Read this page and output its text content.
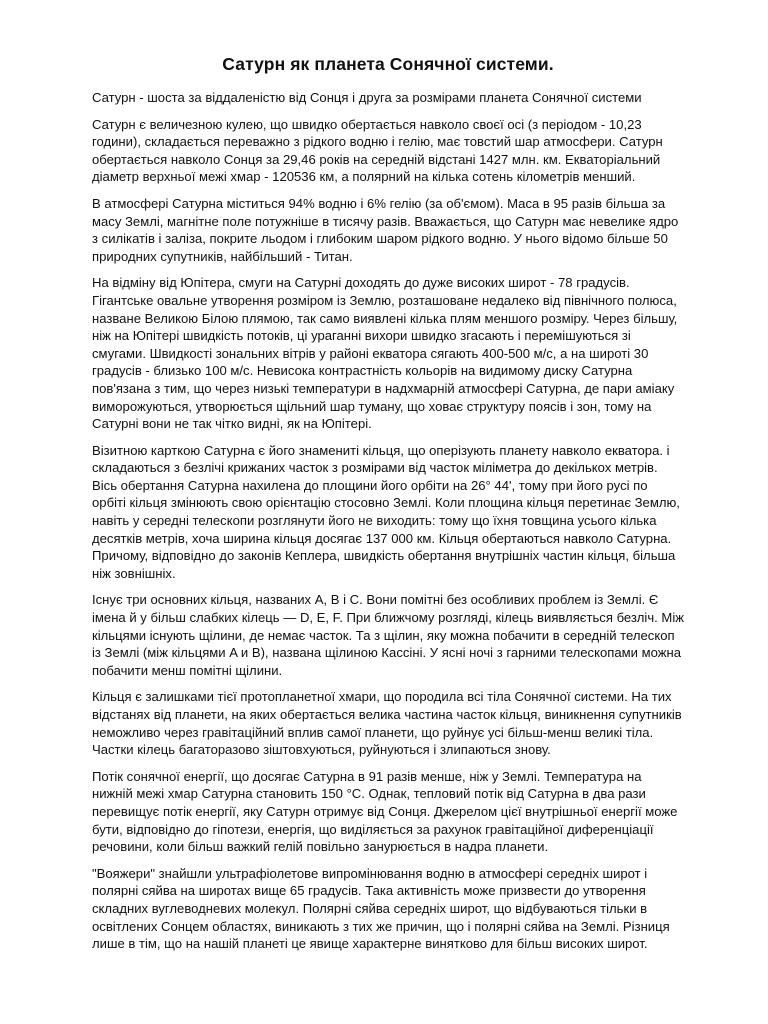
Сатурн як планета Сонячної системи.

Сатурн - шоста за віддаленістю від Сонця і друга за розмірами планета Сонячної системи

Сатурн є величезною кулею, що швидко обертається навколо своєї осі (з періодом - 10,23 години), складається переважно з рідкого водню і гелію, має товстий шар атмосфери. Сатурн обертається навколо Сонця за 29,46 років на середній відстані 1427 млн. км. Екваторіальний діаметр верхньої межі хмар - 120536 км, а полярний на кілька сотень кілометрів менший.

В атмосфері Сатурна міститься 94% водню і 6% гелію (за об'ємом). Маса в 95 разів більша за масу Землі, магнітне поле потужніше в тисячу разів. Вважається, що Сатурн має невелике ядро з силікатів і заліза, покрите льодом і глибоким шаром рідкого водню. У нього відомо більше 50 природних супутників, найбільший - Титан.

На відміну від Юпітера, смуги на Сатурні доходять до дуже високих широт - 78 градусів. Гігантське овальне утворення розміром із Землю, розташоване недалеко від північного полюса, назване Великою Білою плямою, так само виявлені кілька плям меншого розміру. Через більшу, ніж на Юпітері швидкість потоків, ці ураганні вихори швидко згасають і перемішуються зі смугами. Швидкості зональних вітрів у районі екватора сягають 400-500 м/с, а на широті 30 градусів - близько 100 м/с. Невисока контрастність кольорів на видимому диску Сатурна пов'язана з тим, що через низькі температури в надхмарній атмосфері Сатурна, де пари аміаку виморожуються, утворюється щільний шар туману, що ховає структуру поясів і зон, тому на Сатурні вони не так чітко видні, як на Юпітері.

Візитною карткою Сатурна є його знамениті кільця, що оперізують планету навколо екватора. і складаються з безлічі крижаних часток з розмірами від часток міліметра до декількох метрів. Вісь обертання Сатурна нахилена до площини його орбіти на 26° 44', тому при його русі по орбіті кільця змінюють свою орієнтацію стосовно Землі. Коли площина кільця перетинає Землю, навіть у середні телескопи розглянути його не виходить: тому що їхня товщина усього кілька десятків метрів, хоча ширина кільця досягає 137 000 км. Кільця обертаються навколо Сатурна. Причому, відповідно до законів Кеплера, швидкість обертання внутрішніх частин кільця, більша ніж зовнішніх.

Існує три основних кільця, названих A, B і C. Вони помітні без особливих проблем із Землі. Є імена й у більш слабких кілець — D, E, F. При ближчому розгляді, кілець виявляється безліч. Між кільцями існують щілини, де немає часток. Та з щілин, яку можна побачити в середній телескоп із Землі (між кільцями A и B), названа щілиною Кассіні. У ясні ночі з гарними телескопами можна побачити менш помітні щілини.

Кільця є залишками тієї протопланетної хмари, що породила всі тіла Сонячної системи. На тих відстанях від планети, на яких обертається велика частина часток кільця, виникнення супутників неможливо через гравітаційний вплив самої планети, що руйнує усі більш-менш великі тіла. Частки кілець багаторазово зіштовхуються, руйнуються і злипаються знову.

Потік сонячної енергії, що досягає Сатурна в 91 разів менше, ніж у Землі. Температура на нижній межі хмар Сатурна становить 150 °C. Однак, тепловий потік від Сатурна в два рази перевищує потік енергії, яку Сатурн отримує від Сонця. Джерелом цієї внутрішньої енергії може бути, відповідно до гіпотези, енергія, що виділяється за рахунок гравітаційної диференціації речовини, коли більш важкий гелій повільно занурюється в надра планети.

"Вояжери" знайшли ультрафіолетове випромінювання водню в атмосфері середніх широт і полярні сяйва на широтах вище 65 градусів. Така активність може призвести до утворення складних вуглеводневих молекул. Полярні сяйва середніх широт, що відбуваються тільки в освітлених Сонцем областях, виникають з тих же причин, що і полярні сяйва на Землі. Різниця лише в тім, що на нашій планеті це явище характерне винятково для більш високих широт.
